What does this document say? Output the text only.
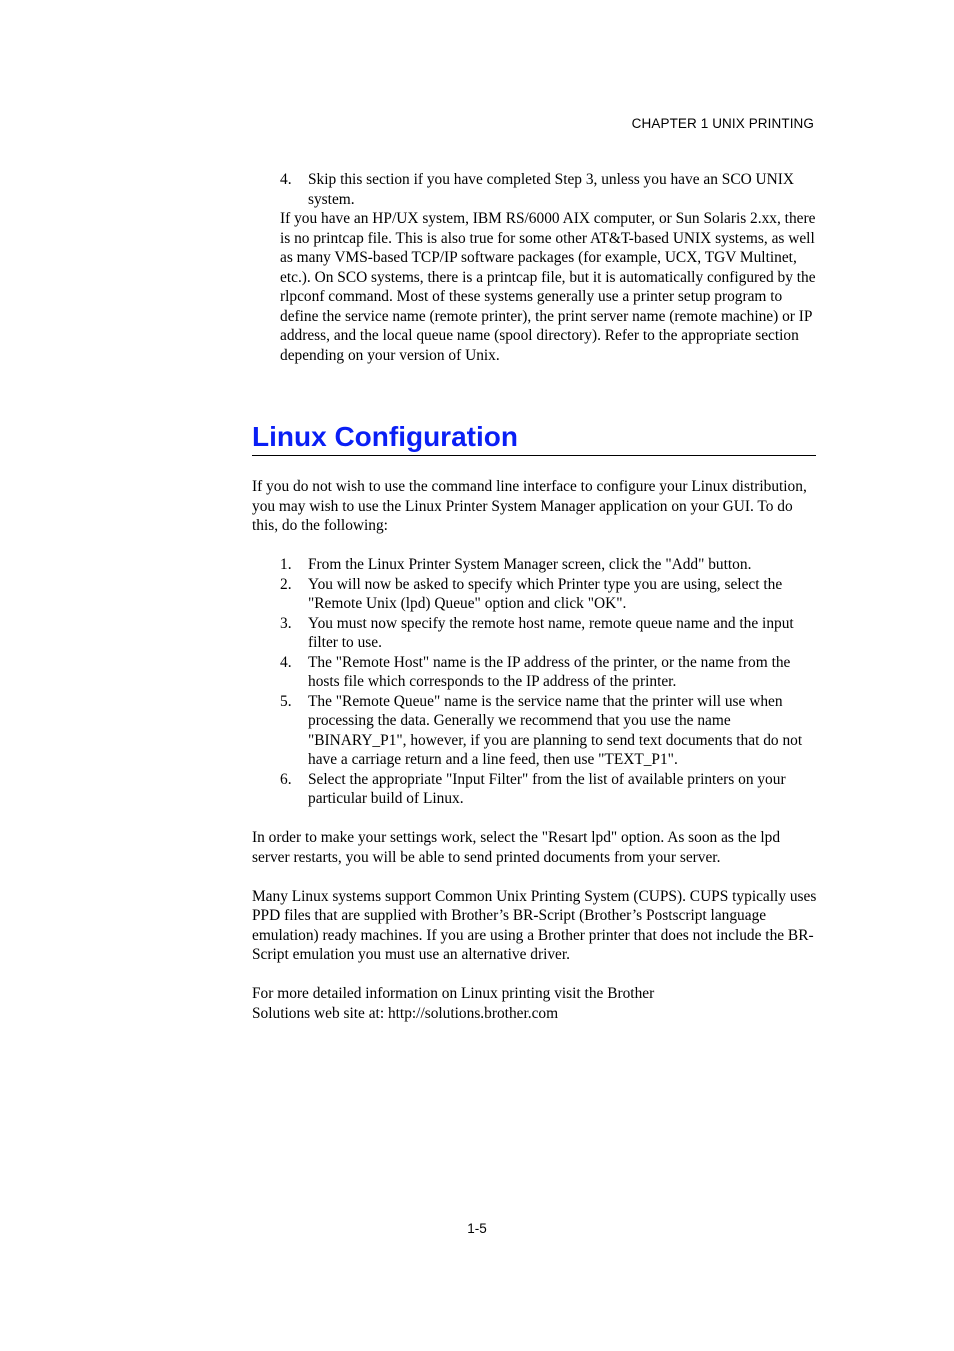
CHAPTER 1 UNIX PRINTING
4.	Skip this section if you have completed Step 3, unless you have an SCO UNIX system.

If you have an HP/UX system, IBM RS/6000 AIX computer, or Sun Solaris 2.xx, there is no printcap file. This is also true for some other AT&T-based UNIX systems, as well as many VMS-based TCP/IP software packages (for example, UCX, TGV Multinet, etc.). On SCO systems, there is a printcap file, but it is automatically configured by the rlpconf command. Most of these systems generally use a printer setup program to define the service name (remote printer), the print server name (remote machine) or IP address, and the local queue name (spool directory). Refer to the appropriate section depending on your version of Unix.

Linux Configuration

If you do not wish to use the command line interface to configure your Linux distribution, you may wish to use the Linux Printer System Manager application on your GUI. To do this, do the following:

1.	From the Linux Printer System Manager screen, click the "Add" button.
2.	You will now be asked to specify which Printer type you are using, select the "Remote Unix (lpd) Queue" option and click "OK".
3.	You must now specify the remote host name, remote queue name and the input filter to use.
4.	The "Remote Host" name is the IP address of the printer, or the name from the hosts file which corresponds to the IP address of the printer.
5.	The "Remote Queue" name is the service name that the printer will use when processing the data. Generally we recommend that you use the name "BINARY_P1", however, if you are planning to send text documents that do not have a carriage return and a line feed, then use "TEXT_P1".
6.	Select the appropriate "Input Filter" from the list of available printers on your particular build of Linux.

In order to make your settings work, select the "Resart lpd" option. As soon as the lpd server restarts, you will be able to send printed documents from your server.

Many Linux systems support Common Unix Printing System (CUPS). CUPS typically uses PPD files that are supplied with Brother’s BR-Script (Brother’s Postscript language emulation) ready machines. If you are using a Brother printer that does not include the BR-Script emulation you must use an alternative driver.

For more detailed information on Linux printing visit the Brother
Solutions web site at: http://solutions.brother.com

1-5
